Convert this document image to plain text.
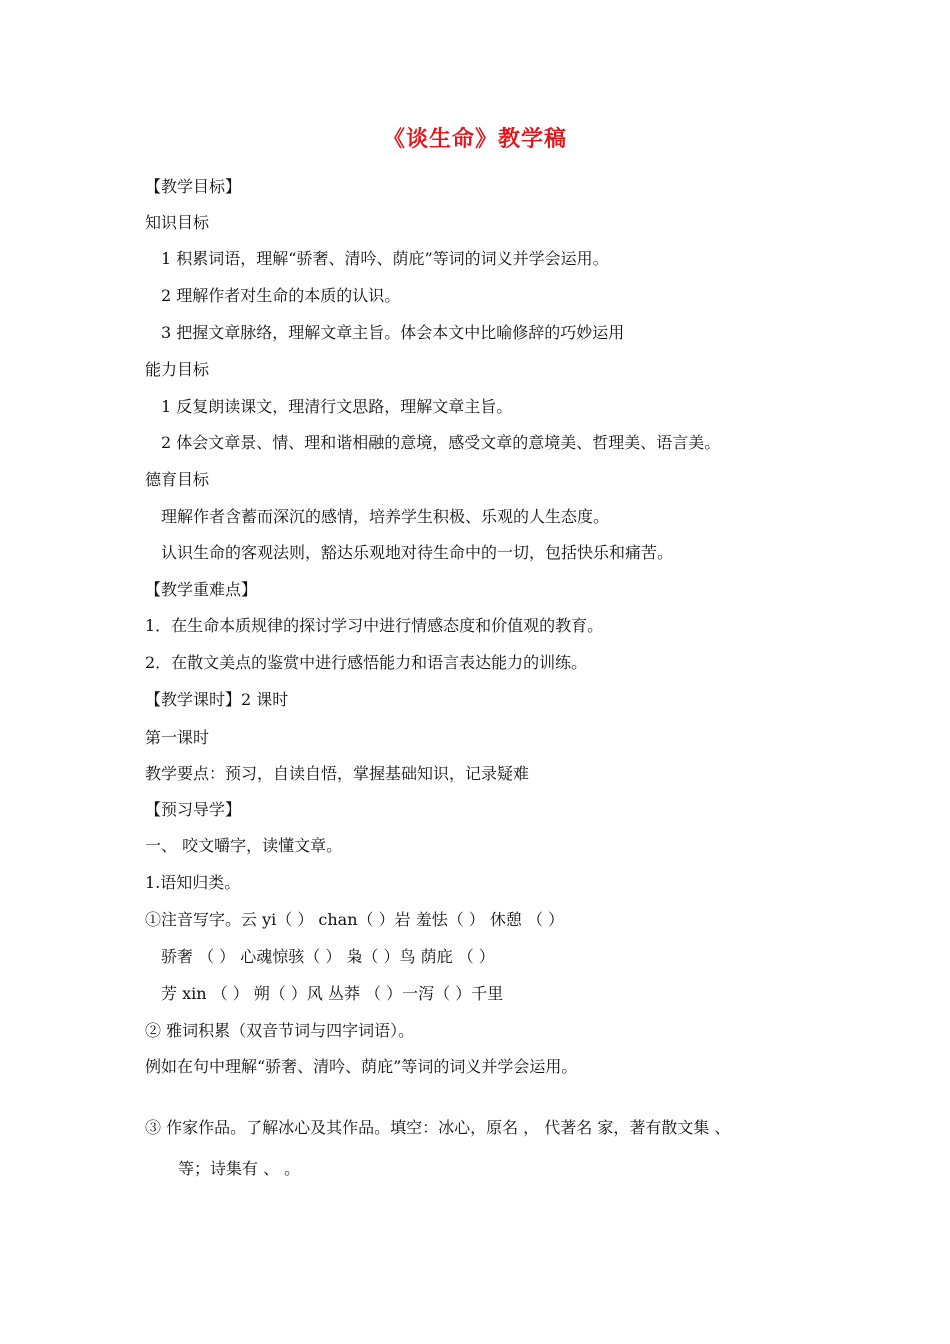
《谈生命》教学稿
【教学目标】
知识目标
1 积累词语，理解“骄奢、清吟、荫庇”等词的词义并学会运用。
2 理解作者对生命的本质的认识。
3 把握文章脉络，理解文章主旨。体会本文中比喻修辞的巧妙运用
能力目标
1 反复朗读课文，理清行文思路，理解文章主旨。
2 体会文章景、情、理和谐相融的意境，感受文章的意境美、哲理美、语言美。
德育目标
理解作者含蓄而深沉的感情，培养学生积极、乐观的人生态度。
认识生命的客观法则，豁达乐观地对待生命中的一切，包括快乐和痛苦。
【教学重难点】
1．在生命本质规律的探讨学习中进行情感态度和价值观的教育。
2．在散文美点的鉴赏中进行感悟能力和语言表达能力的训练。
【教学课时】2 课时
第一课时
教学要点：预习，自读自悟，掌握基础知识，记录疑难
【预习导学】
一、 咬文嚼字，读懂文章。
1.语知归类。
①注音写字。云 yi（ ） chan（ ）岩 羞怯（ ） 休憩 （ ）
骄奢 （ ） 心魂惊骇（ ） 枭（ ）鸟 荫庇 （ ）
芳 xin （ ） 朔（ ）风 丛莽 （ ）一泻（ ）千里
② 雅词积累（双音节词与四字词语）。
例如在句中理解“骄奢、清吟、荫庇”等词的词义并学会运用。
③ 作家作品。了解冰心及其作品。填空：冰心，原名 ， 代著名 家，著有散文集 、
等；诗集有 、 。
